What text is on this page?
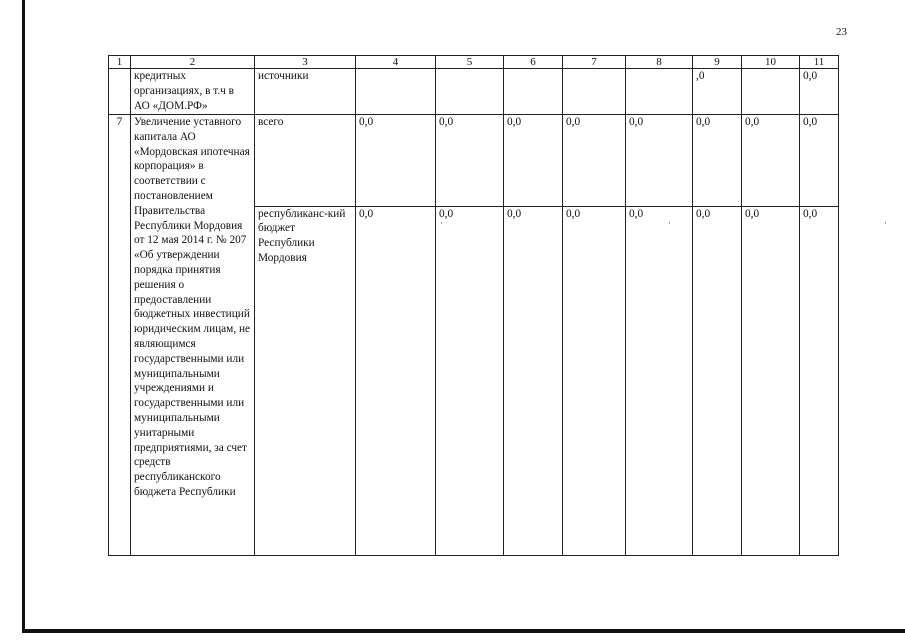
23
1	2	3	4	5	6	7	8	9	10	11
	кредитных организациях, в т.ч в АО «ДОМ.РФ»	источники						,0		0,0
7	Увеличение уставного капитала АО «Мордовская ипотечная корпорация» в соответствии с постановлением Правительства Республики Мордовия от 12 мая 2014 г. № 207 «Об утверждении порядка принятия решения о предоставлении бюджетных инвестиций юридическим лицам, не являющимся государственными или муниципальными учреждениями и государственными или муниципальными унитарными предприятиями, за счет средств республиканского бюджета Республики	всего	0,0	0,0	0,0	0,0	0,0	0,0	0,0	0,0
		республиканс-кий бюджет Республики Мордовия	0,0	0,0	0,0	0,0	0,0	0,0	0,0	0,0
·	·	·
